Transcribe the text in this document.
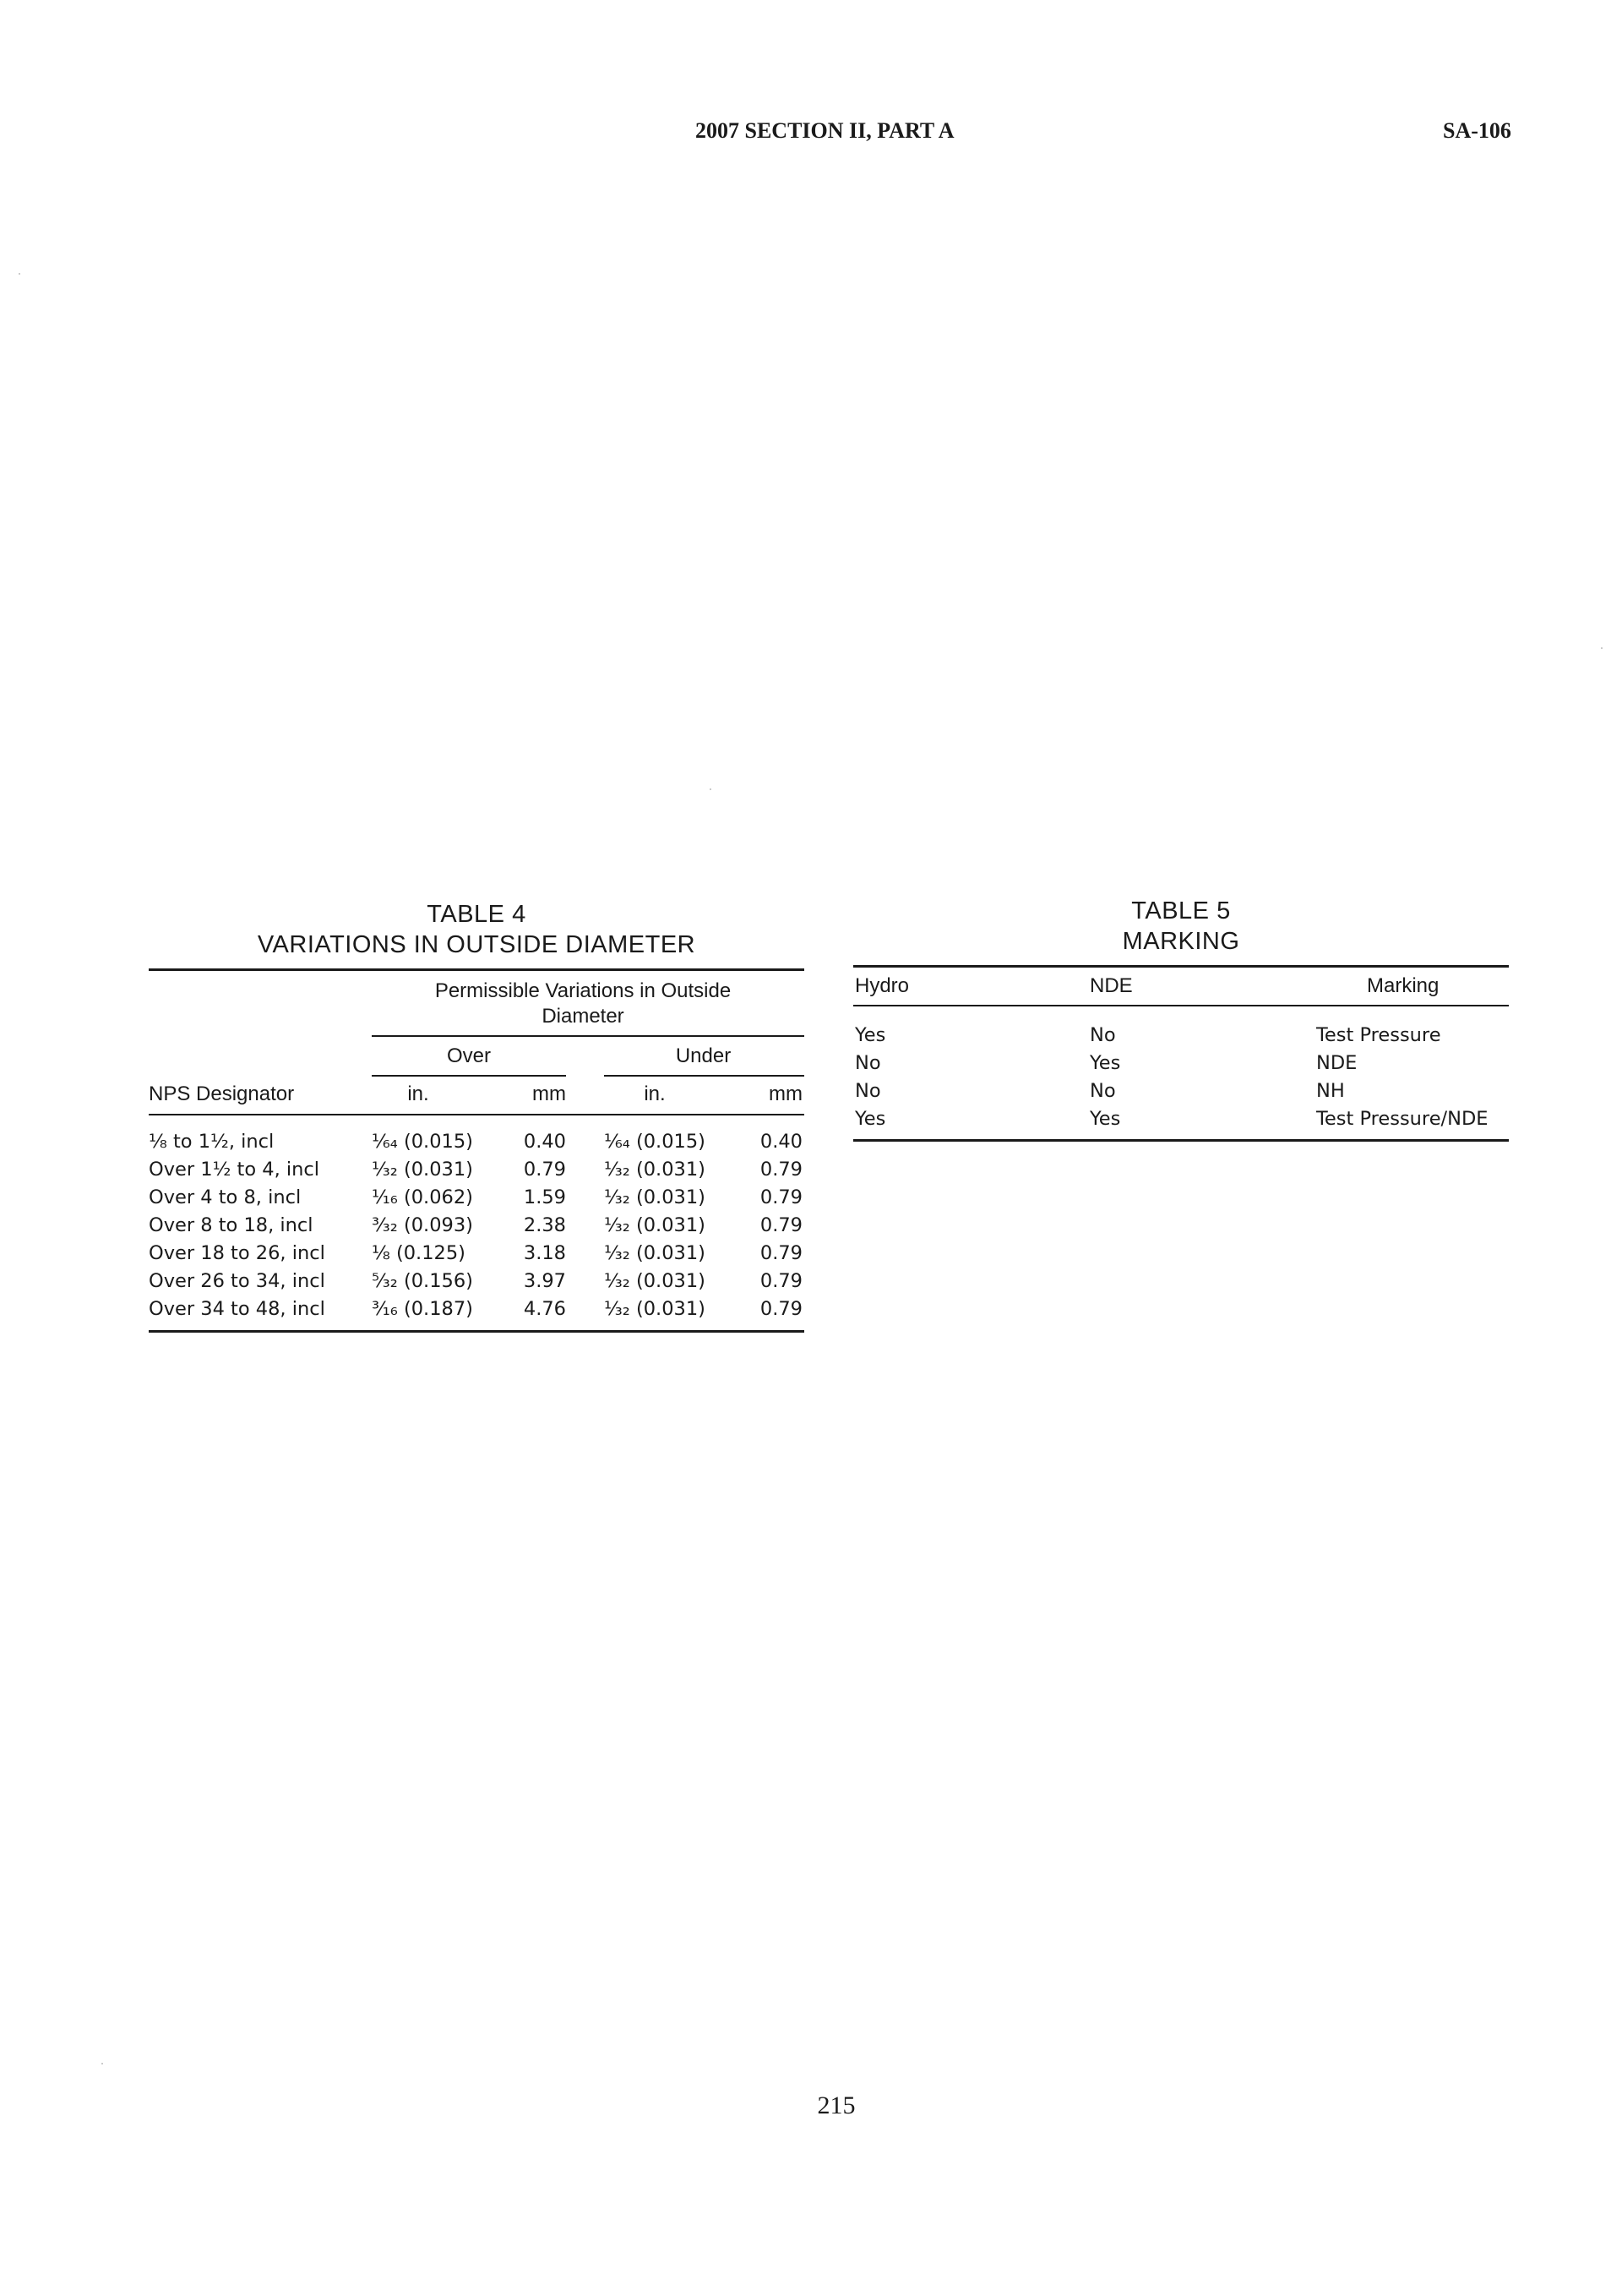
2007 SECTION II, PART A	SA-106
TABLE 4
VARIATIONS IN OUTSIDE DIAMETER
Permissible Variations in Outside
Diameter
Over	Under
NPS Designator	in.	mm	in.	mm
⅛ to 1½, incl	¹⁄₆₄ (0.015)	0.40 ¹⁄₆₄ (0.015)	0.40
Over 1½ to 4, incl	¹⁄₃₂ (0.031)	0.79 ¹⁄₃₂ (0.031)	0.79
Over 4 to 8, incl	¹⁄₁₆ (0.062)	1.59 ¹⁄₃₂ (0.031)	0.79
Over 8 to 18, incl	³⁄₃₂ (0.093)	2.38 ¹⁄₃₂ (0.031)	0.79
Over 18 to 26, incl ⅛ (0.125)	3.18 ¹⁄₃₂ (0.031)	0.79
Over 26 to 34, incl ⁵⁄₃₂ (0.156)	3.97 ¹⁄₃₂ (0.031)	0.79
Over 34 to 48, incl ³⁄₁₆ (0.187)	4.76 ¹⁄₃₂ (0.031)	0.79
TABLE 5
MARKING
Hydro	NDE	Marking
Yes	No	Test Pressure
No	Yes	NDE
No	No	NH
Yes	Yes	Test Pressure/NDE
215
